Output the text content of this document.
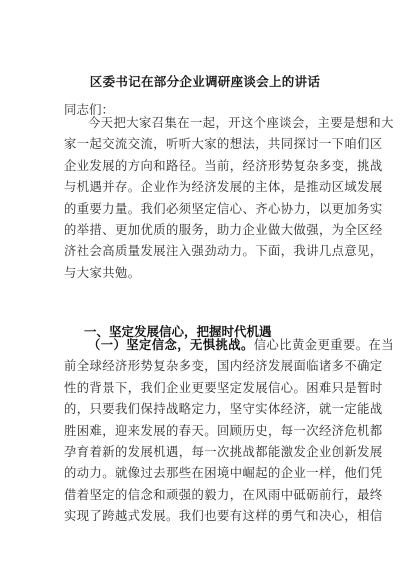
区委书记在部分企业调研座谈会上的讲话
同志们：
今天把大家召集在一起，开这个座谈会，主要是想和大
家一起交流交流，听听大家的想法，共同探讨一下咱们区
企业发展的方向和路径。当前，经济形势复杂多变，挑战
与机遇并存。企业作为经济发展的主体，是推动区域发展
的重要力量。我们必须坚定信心、齐心协力，以更加务实
的举措、更加优质的服务，助力企业做大做强，为全区经
济社会高质量发展注入强劲动力。下面，我讲几点意见，
与大家共勉。
一、坚定发展信心，把握时代机遇
（一）坚定信念，无惧挑战。信心比黄金更重要。在当
前全球经济形势复杂多变，国内经济发展面临诸多不确定
性的背景下，我们企业更要坚定发展信心。困难只是暂时
的，只要我们保持战略定力，坚守实体经济，就一定能战
胜困难，迎来发展的春天。回顾历史，每一次经济危机都
孕育着新的发展机遇，每一次挑战都能激发企业创新发展
的动力。就像过去那些在困境中崛起的企业一样，他们凭
借着坚定的信念和顽强的毅力，在风雨中砥砺前行，最终
实现了跨越式发展。我们也要有这样的勇气和决心，相信
